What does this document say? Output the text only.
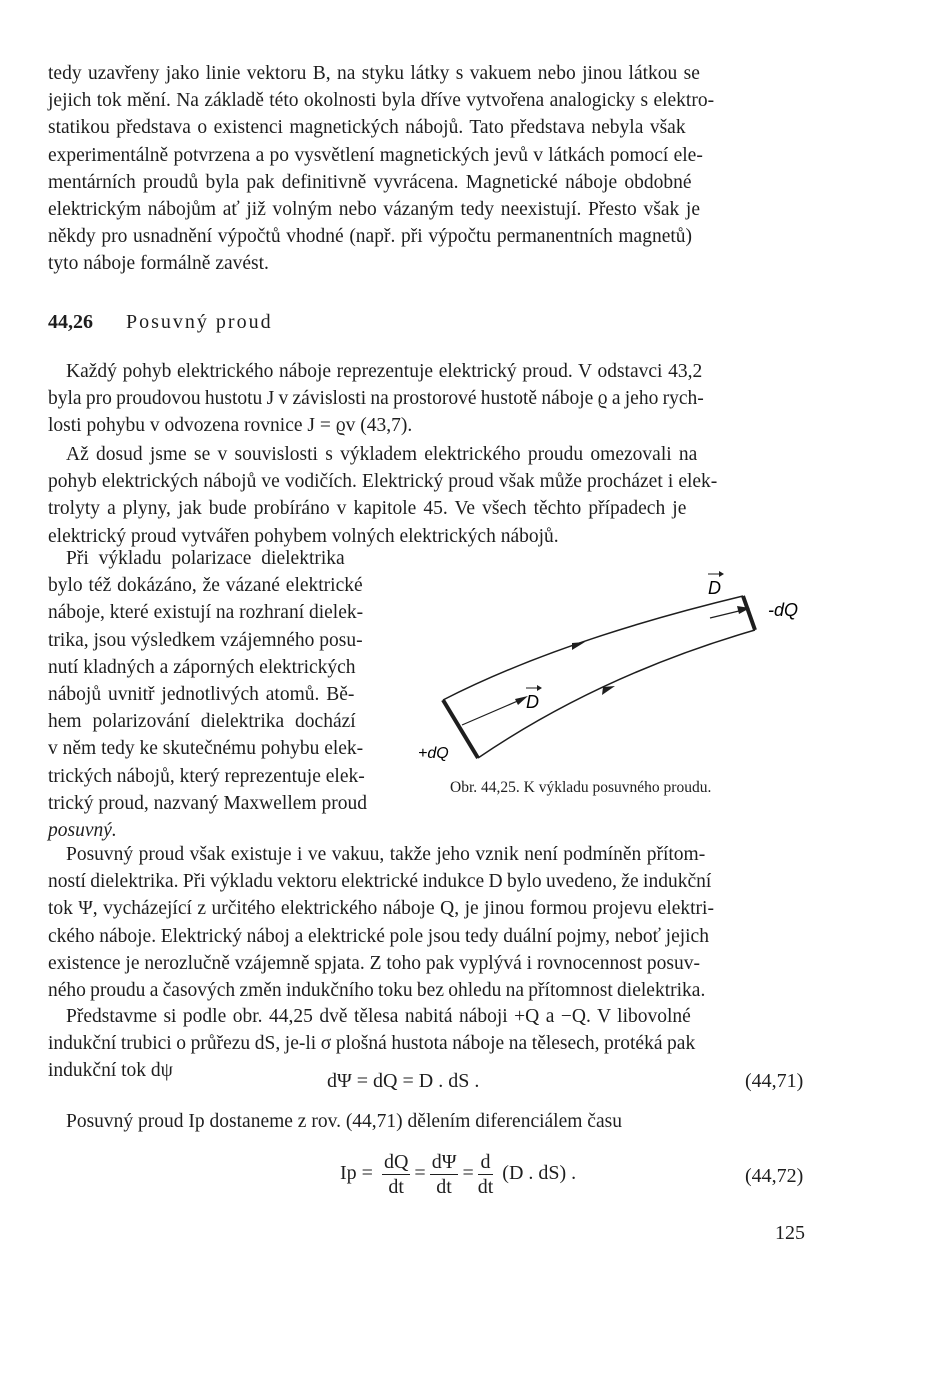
tedy uzavřeny jako linie vektoru B, na styku látky s vakuem nebo jinou látkou se
jejich tok mění. Na základě této okolnosti byla dříve vytvořena analogicky s elektro-
statikou představa o existenci magnetických nábojů. Tato představa nebyla však
experimentálně potvrzena a po vysvětlení magnetických jevů v látkách pomocí ele-
mentárních proudů byla pak definitivně vyvrácena. Magnetické náboje obdobné
elektrickým nábojům ať již volným nebo vázaným tedy neexistují. Přesto však je
někdy pro usnadnění výpočtů vhodné (např. při výpočtu permanentních magnetů)
tyto náboje formálně zavést.
44,26 Posuvný proud
Každý pohyb elektrického náboje reprezentuje elektrický proud. V odstavci 43,2
byla pro proudovou hustotu J v závislosti na prostorové hustotě náboje ϱ a jeho rych-
losti pohybu v odvozena rovnice J = ϱv (43,7).
Až dosud jsme se v souvislosti s výkladem elektrického proudu omezovali na
pohyb elektrických nábojů ve vodičích. Elektrický proud však může procházet i elek-
trolyty a plyny, jak bude probíráno v kapitole 45. Ve všech těchto případech je
elektrický proud vytvářen pohybem volných elektrických nábojů.
Při výkladu polarizace dielektrika
bylo též dokázáno, že vázané elektrické
náboje, které existují na rozhraní dielek-
trika, jsou výsledkem vzájemného posu-
nutí kladných a záporných elektrických
nábojů uvnitř jednotlivých atomů. Bě-
hem polarizování dielektrika dochází
v něm tedy ke skutečnému pohybu elek-
trických nábojů, který reprezentuje elek-
trický proud, nazvaný Maxwellem proud
posuvný.
D
D
-dQ
+dQ
Obr. 44,25. K výkladu posuvného proudu.
Posuvný proud však existuje i ve vakuu, takže jeho vznik není podmíněn přítom-
ností dielektrika. Při výkladu vektoru elektrické indukce D bylo uvedeno, že indukční
tok Ψ, vycházející z určitého elektrického náboje Q, je jinou formou projevu elektri-
ckého náboje. Elektrický náboj a elektrické pole jsou tedy duální pojmy, neboť jejich
existence je nerozlučně vzájemně spjata. Z toho pak vyplývá i rovnocennost posuv-
ného proudu a časových změn indukčního toku bez ohledu na přítomnost dielektrika.
Představme si podle obr. 44,25 dvě tělesa nabitá náboji +Q a −Q. V libovolné
indukční trubici o průřezu dS, je-li σ plošná hustota náboje na tělesech, protéká pak
indukční tok dψ	dΨ = dQ = D . dS .	(44,71)
Posuvný proud Ip dostaneme z rov. (44,71) dělením diferenciálem času
$Ip = \frac{dQ}{dt} = \frac{d\Psi}{dt} = \frac{d}{dt} (D$ . dS) .	(44,72)
125
